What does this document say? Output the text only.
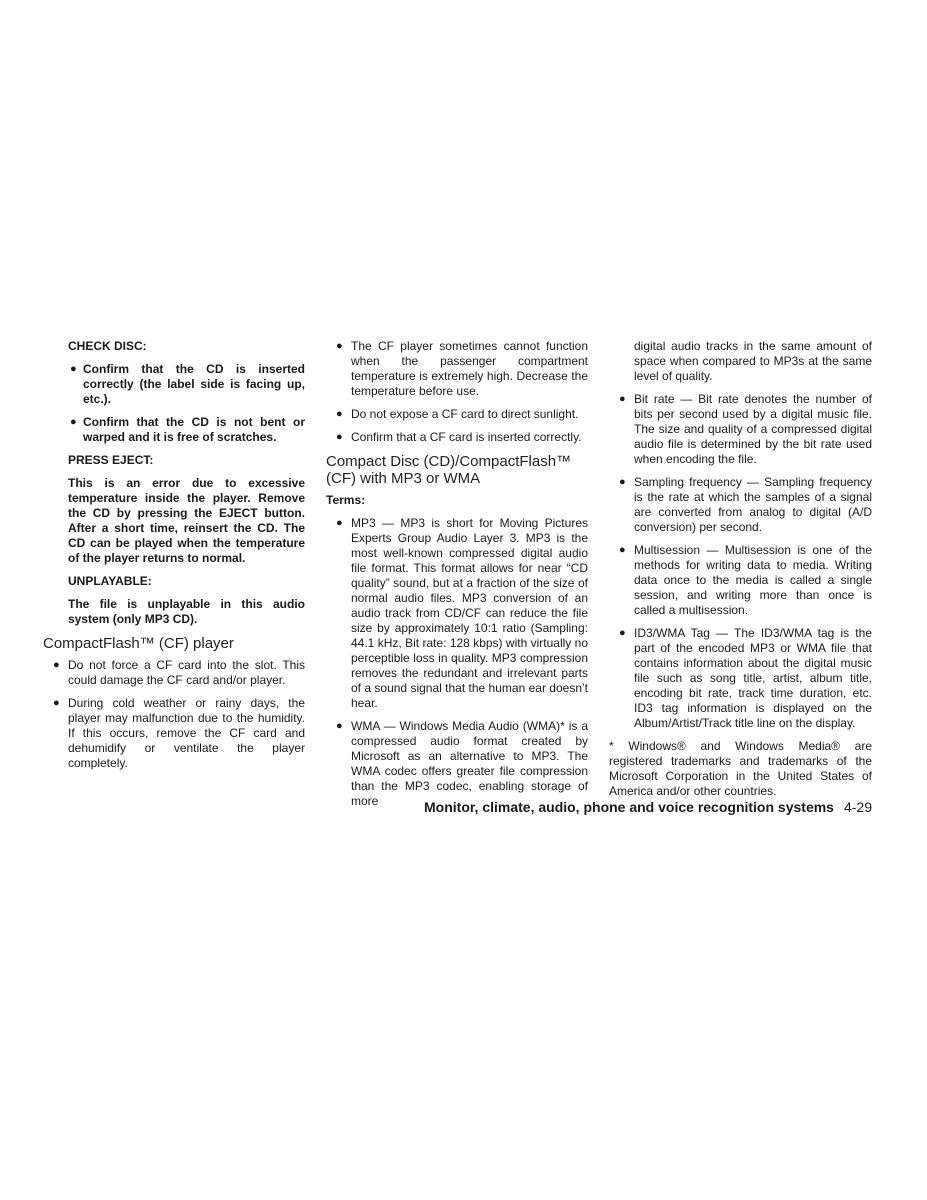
CHECK DISC:
● Confirm that the CD is inserted correctly (the label side is facing up, etc.).
● Confirm that the CD is not bent or warped and it is free of scratches.
PRESS EJECT:
This is an error due to excessive temperature inside the player. Remove the CD by pressing the EJECT button. After a short time, reinsert the CD. The CD can be played when the temperature of the player returns to normal.
UNPLAYABLE:
The file is unplayable in this audio system (only MP3 CD).
CompactFlash™ (CF) player
● Do not force a CF card into the slot. This could damage the CF card and/or player.
● During cold weather or rainy days, the player may malfunction due to the humidity. If this occurs, remove the CF card and dehumidify or ventilate the player completely.
● The CF player sometimes cannot function when the passenger compartment temperature is extremely high. Decrease the temperature before use.
● Do not expose a CF card to direct sunlight.
● Confirm that a CF card is inserted correctly.
Compact Disc (CD)/CompactFlash™ (CF) with MP3 or WMA
Terms:
● MP3 — MP3 is short for Moving Pictures Experts Group Audio Layer 3. MP3 is the most well-known compressed digital audio file format. This format allows for near “CD quality” sound, but at a fraction of the size of normal audio files. MP3 conversion of an audio track from CD/CF can reduce the file size by approximately 10:1 ratio (Sampling: 44.1 kHz, Bit rate: 128 kbps) with virtually no perceptible loss in quality. MP3 compression removes the redundant and irrelevant parts of a sound signal that the human ear doesn’t hear.
● WMA — Windows Media Audio (WMA)* is a compressed audio format created by Microsoft as an alternative to MP3. The WMA codec offers greater file compression than the MP3 codec, enabling storage of more
digital audio tracks in the same amount of space when compared to MP3s at the same level of quality.
● Bit rate — Bit rate denotes the number of bits per second used by a digital music file. The size and quality of a compressed digital audio file is determined by the bit rate used when encoding the file.
● Sampling frequency — Sampling frequency is the rate at which the samples of a signal are converted from analog to digital (A/D conversion) per second.
● Multisession — Multisession is one of the methods for writing data to media. Writing data once to the media is called a single session, and writing more than once is called a multisession.
● ID3/WMA Tag — The ID3/WMA tag is the part of the encoded MP3 or WMA file that contains information about the digital music file such as song title, artist, album title, encoding bit rate, track time duration, etc. ID3 tag information is displayed on the Album/Artist/Track title line on the display.
* Windows® and Windows Media® are registered trademarks and trademarks of the Microsoft Corporation in the United States of America and/or other countries.
Monitor, climate, audio, phone and voice recognition systems 4-29
